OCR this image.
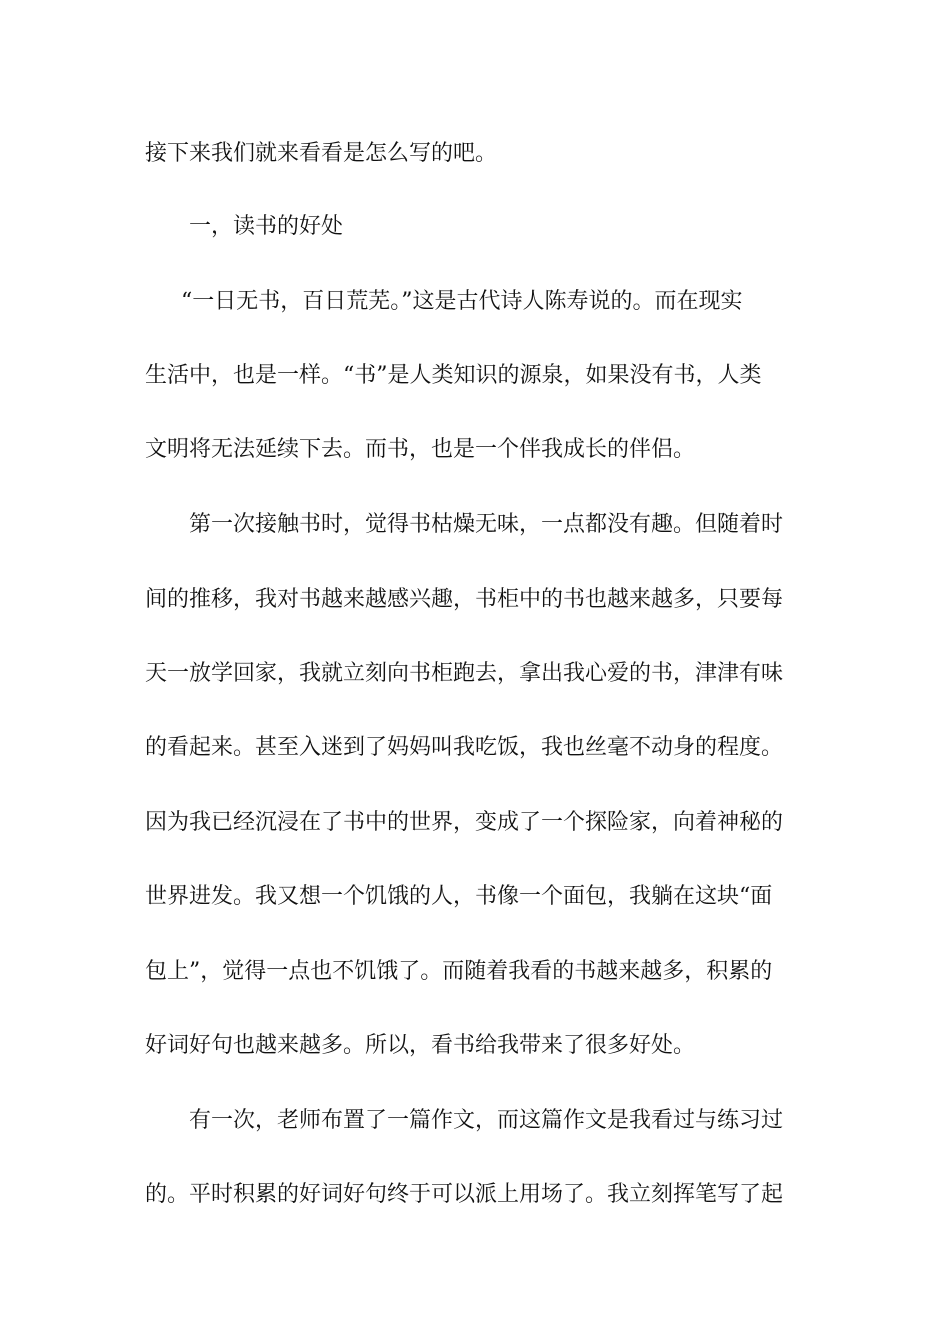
接下来我们就来看看是怎么写的吧。
一，读书的好处
“一日无书，百日荒芜。”这是古代诗人陈寿说的。而在现实
生活中，也是一样。“书”是人类知识的源泉，如果没有书，人类
文明将无法延续下去。而书，也是一个伴我成长的伴侣。
第一次接触书时，觉得书枯燥无味，一点都没有趣。但随着时
间的推移，我对书越来越感兴趣，书柜中的书也越来越多，只要每
天一放学回家，我就立刻向书柜跑去，拿出我心爱的书，津津有味
的看起来。甚至入迷到了妈妈叫我吃饭，我也丝毫不动身的程度。
因为我已经沉浸在了书中的世界，变成了一个探险家，向着神秘的
世界进发。我又想一个饥饿的人，书像一个面包，我躺在这块“面
包上”，觉得一点也不饥饿了。而随着我看的书越来越多，积累的
好词好句也越来越多。所以，看书给我带来了很多好处。
有一次，老师布置了一篇作文，而这篇作文是我看过与练习过
的。平时积累的好词好句终于可以派上用场了。我立刻挥笔写了起
